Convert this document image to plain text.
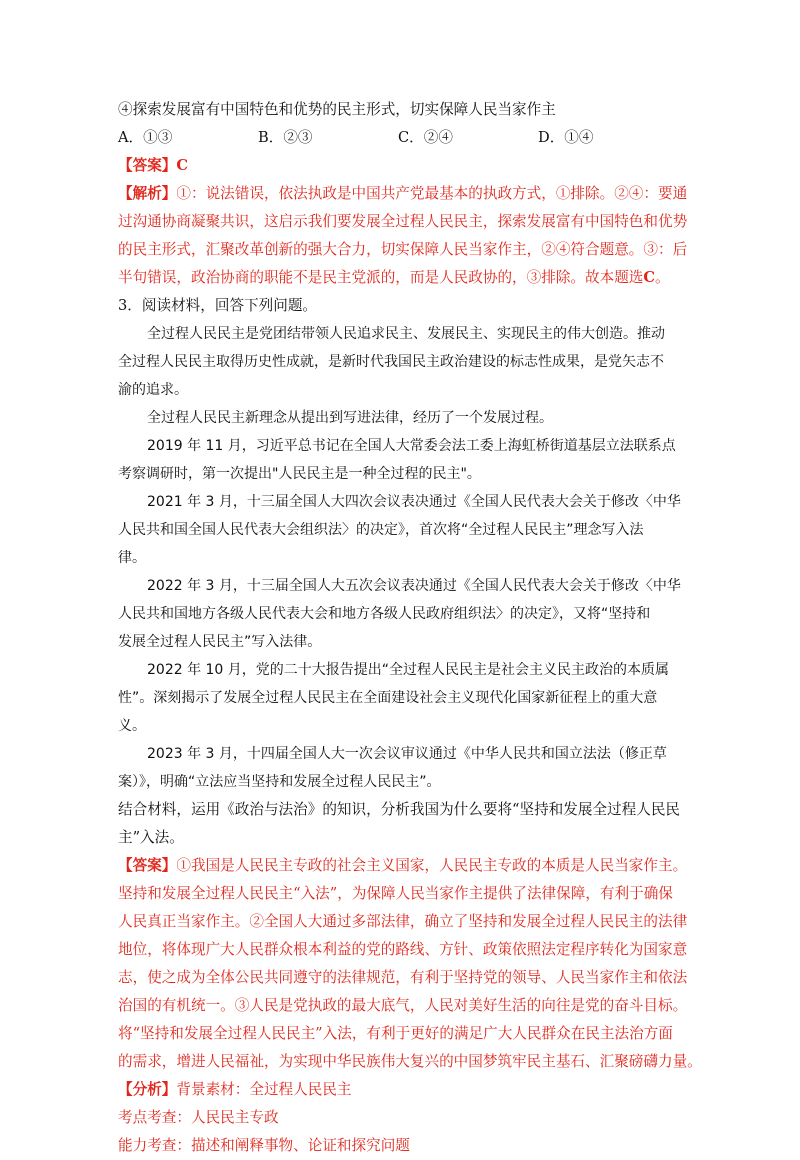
④探索发展富有中国特色和优势的民主形式，切实保障人民当家作主
A．①③	B．②③	C．②④	D．①④
【答案】C
【解析】①：说法错误，依法执政是中国共产党最基本的执政方式，①排除。②④：要通
过沟通协商凝聚共识，这启示我们要发展全过程人民民主，探索发展富有中国特色和优势
的民主形式，汇聚改革创新的强大合力，切实保障人民当家作主，②④符合题意。③：后
半句错误，政治协商的职能不是民主党派的，而是人民政协的，③排除。故本题选C。
3．阅读材料，回答下列问题。
全过程人民民主是党团结带领人民追求民主、发展民主、实现民主的伟大创造。推动
全过程人民民主取得历史性成就，是新时代我国民主政治建设的标志性成果，是党矢志不
渝的追求。
全过程人民民主新理念从提出到写进法律，经历了一个发展过程。
2019 年 11 月，习近平总书记在全国人大常委会法工委上海虹桥街道基层立法联系点
考察调研时，第一次提出"人民民主是一种全过程的民主"。
2021 年 3 月，十三届全国人大四次会议表决通过《全国人民代表大会关于修改〈中华
人民共和国全国人民代表大会组织法〉的决定》，首次将“全过程人民民主”理念写入法
律。
2022 年 3 月，十三届全国人大五次会议表决通过《全国人民代表大会关于修改〈中华
人民共和国地方各级人民代表大会和地方各级人民政府组织法〉的决定》，又将“坚持和
发展全过程人民民主”写入法律。
2022 年 10 月，党的二十大报告提出“全过程人民民主是社会主义民主政治的本质属
性”。深刻揭示了发展全过程人民民主在全面建设社会主义现代化国家新征程上的重大意
义。
2023 年 3 月，十四届全国人大一次会议审议通过《中华人民共和国立法法（修正草
案）》，明确“立法应当坚持和发展全过程人民民主”。
结合材料，运用《政治与法治》的知识，分析我国为什么要将“坚持和发展全过程人民民
主”入法。
【答案】①我国是人民民主专政的社会主义国家，人民民主专政的本质是人民当家作主。
坚持和发展全过程人民民主“入法”，为保障人民当家作主提供了法律保障，有利于确保
人民真正当家作主。②全国人大通过多部法律，确立了坚持和发展全过程人民民主的法律
地位，将体现广大人民群众根本利益的党的路线、方针、政策依照法定程序转化为国家意
志，使之成为全体公民共同遵守的法律规范，有利于坚持党的领导、人民当家作主和依法
治国的有机统一。③人民是党执政的最大底气，人民对美好生活的向往是党的奋斗目标。
将“坚持和发展全过程人民民主”入法，有利于更好的满足广大人民群众在民主法治方面
的需求，增进人民福祉，为实现中华民族伟大复兴的中国梦筑牢民主基石、汇聚磅礴力量。
【分析】背景素材：全过程人民民主
考点考查：人民民主专政
能力考查：描述和阐释事物、论证和探究问题
